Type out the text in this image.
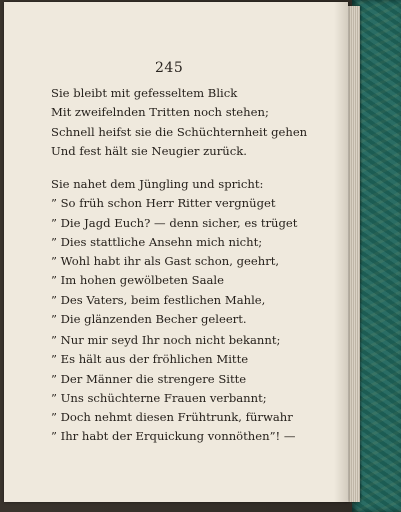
245
Sie bleibt mit gefesseltem Blick
Mit zweifelnden Tritten noch stehen;
Schnell heifst sie die Schüchternheit gehen
Und fest hält sie Neugier zurück.
Sie nahet dem Jüngling und spricht:
” So früh schon Herr Ritter vergnüget
” Die Jagd Euch? — denn sicher, es trüget
” Dies stattliche Ansehn mich nicht;
” Wohl habt ihr als Gast schon, geehrt,
” Im hohen gewölbeten Saale
” Des Vaters, beim festlichen Mahle,
” Die glänzenden Becher geleert.
” Nur mir seyd Ihr noch nicht bekannt;
” Es hält aus der fröhlichen Mitte
” Der Männer die strengere Sitte
” Uns schüchterne Frauen verbannt;
” Doch nehmt diesen Frühtrunk, fürwahr
” Ihr habt der Erquickung vonnöthen”! —
